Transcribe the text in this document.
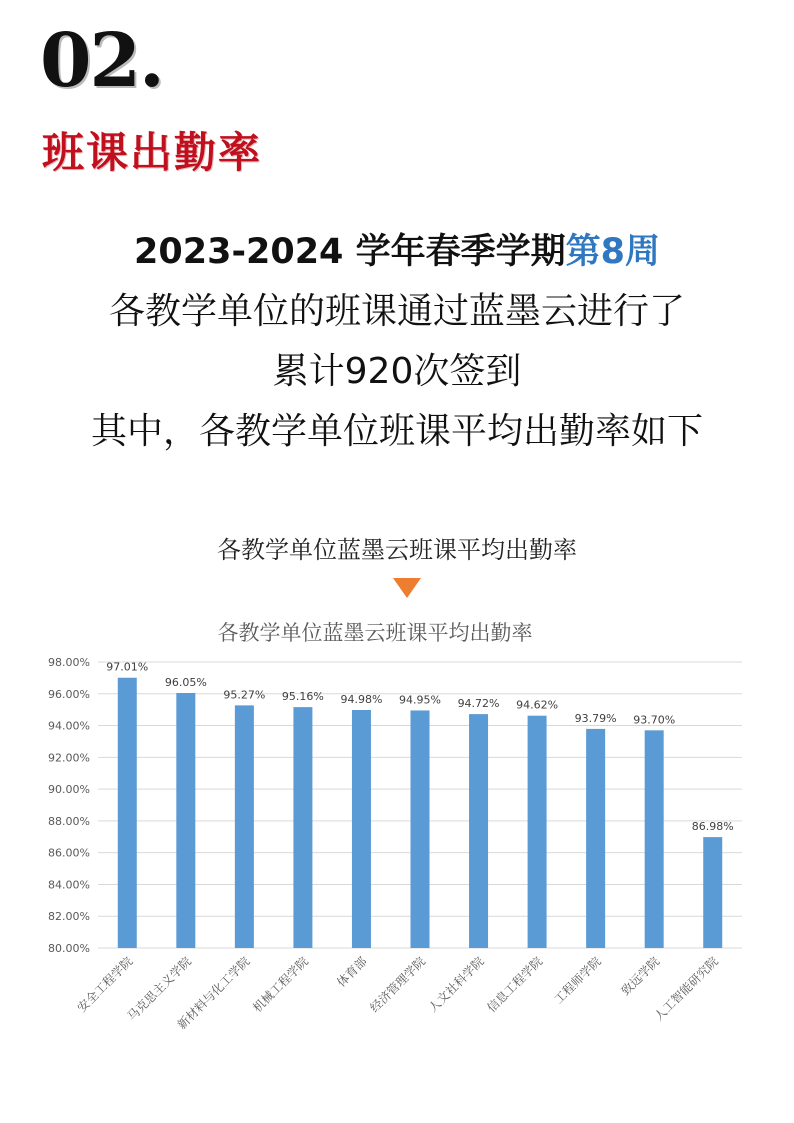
02.
班课出勤率
2023-2024 学年春季学期第8周
各教学单位的班课通过蓝墨云进行了
累计920次签到
其中，各教学单位班课平均出勤率如下
各教学单位蓝墨云班课平均出勤率
各教学单位蓝墨云班课平均出勤率
80.00%
82.00%
84.00%
86.00%
88.00%
90.00%
92.00%
94.00%
96.00%
98.00% 97.01%
安全工程学院
96.05%
马克思主义学院
95.27%
新材料与化工学院
95.16%
机械工程学院
94.98%
体育部
94.95%
经济管理学院
94.72%
人文社科学院
94.62%
信息工程学院
93.79%
工程师学院
93.70%
致远学院
86.98%
人工智能研究院
